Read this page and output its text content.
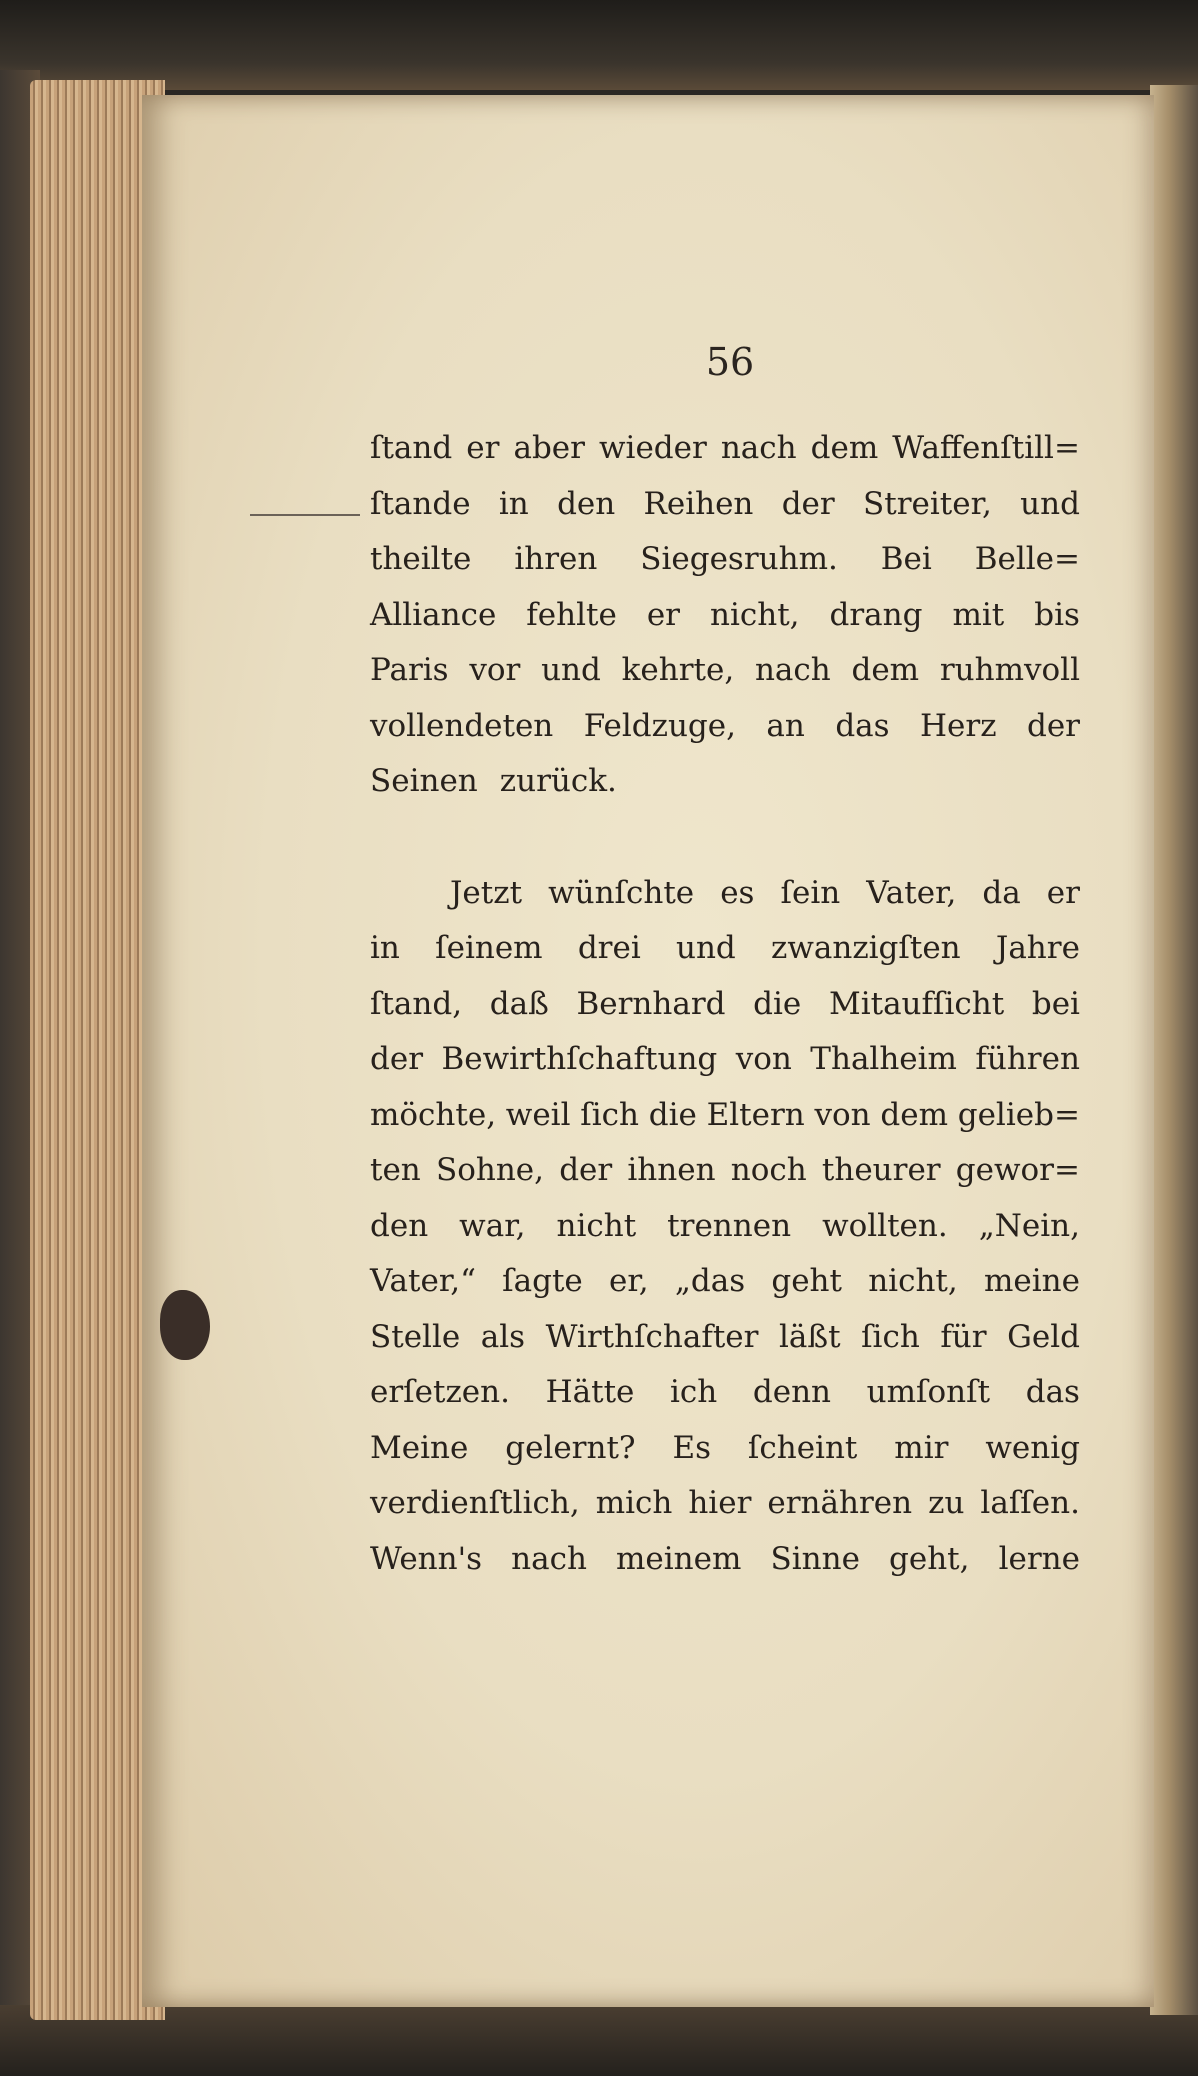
56
ſtand er aber wieder nach dem Waffenſtill=
ſtande in den Reihen der Streiter, und
theilte ihren Siegesruhm. Bei Belle=
Alliance fehlte er nicht, drang mit bis
Paris vor und kehrte, nach dem ruhmvoll
vollendeten Feldzuge, an das Herz der
Seinen zurück.
Jetzt wünſchte es ſein Vater, da er
in ſeinem drei und zwanzigſten Jahre
ſtand, daß Bernhard die Mitaufſicht bei
der Bewirthſchaftung von Thalheim führen
möchte, weil ſich die Eltern von dem gelieb=
ten Sohne, der ihnen noch theurer gewor=
den war, nicht trennen wollten. „Nein,
Vater,“ ſagte er, „das geht nicht, meine
Stelle als Wirthſchafter läßt ſich für Geld
erſetzen. Hätte ich denn umſonſt das
Meine gelernt? Es ſcheint mir wenig
verdienſtlich, mich hier ernähren zu laſſen.
Wenn's nach meinem Sinne geht, lerne
